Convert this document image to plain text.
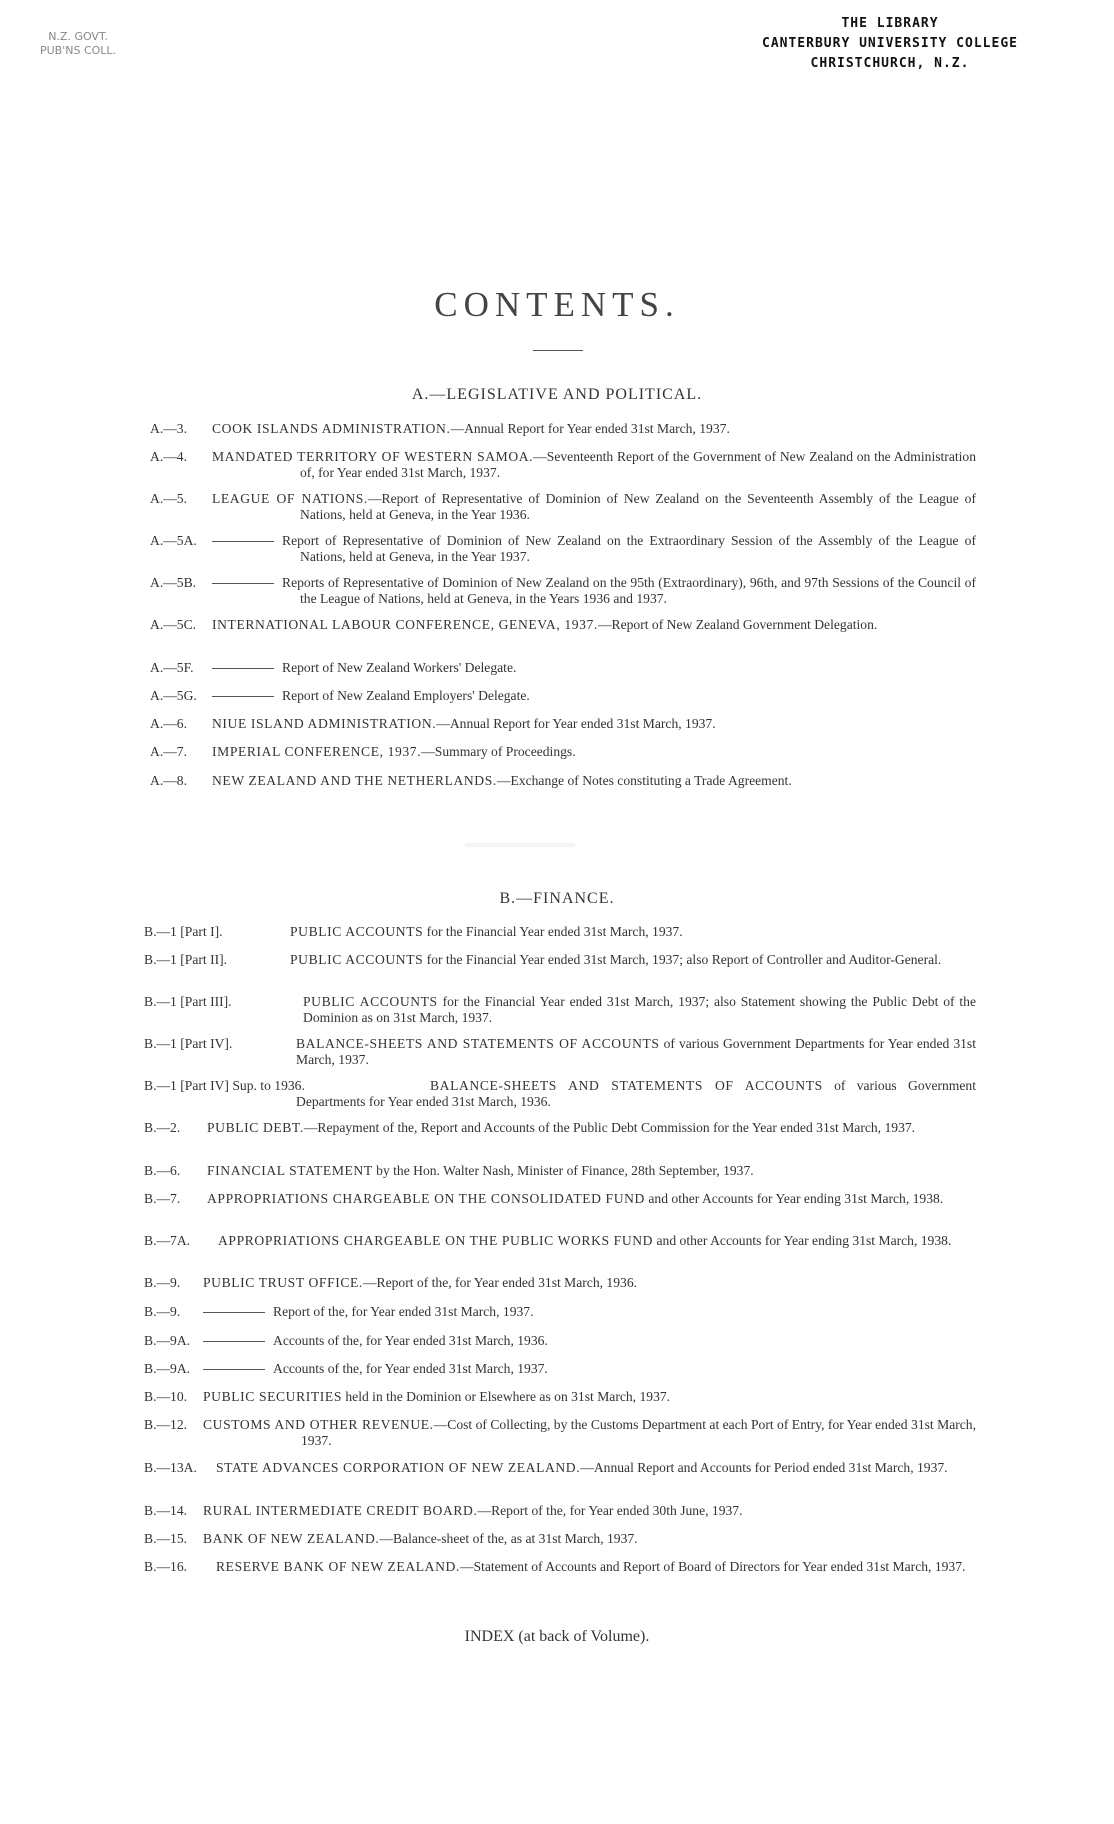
N.Z. GOVT.
PUB'NS COLL.
THE LIBRARY
CANTERBURY UNIVERSITY COLLEGE
CHRISTCHURCH, N.Z.
CONTENTS.
A.—LEGISLATIVE AND POLITICAL.
A.—3. COOK ISLANDS ADMINISTRATION.—Annual Report for Year ended 31st March, 1937.
A.—4. MANDATED TERRITORY OF WESTERN SAMOA.—Seventeenth Report of the Government of New Zealand on the Administration of, for Year ended 31st March, 1937.
A.—5. LEAGUE OF NATIONS.—Report of Representative of Dominion of New Zealand on the Seventeenth Assembly of the League of Nations, held at Geneva, in the Year 1936.
A.—5A.	Report of Representative of Dominion of New Zealand on the Extraordinary Session of the Assembly of the League of Nations, held at Geneva, in the Year 1937.
A.—5B.	Reports of Representative of Dominion of New Zealand on the 95th (Extraordinary), 96th, and 97th Sessions of the Council of the League of Nations, held at Geneva, in the Years 1936 and 1937.
A.—5C. INTERNATIONAL LABOUR CONFERENCE, GENEVA, 1937.—Report of New Zealand Government Delegation.
A.—5F.	Report of New Zealand Workers' Delegate.
A.—5G.	Report of New Zealand Employers' Delegate.
A.—6. NIUE ISLAND ADMINISTRATION.—Annual Report for Year ended 31st March, 1937.
A.—7. IMPERIAL CONFERENCE, 1937.—Summary of Proceedings.
A.—8. NEW ZEALAND AND THE NETHERLANDS.—Exchange of Notes constituting a Trade Agreement.
B.—FINANCE.
B.—1 [Part I].	PUBLIC ACCOUNTS for the Financial Year ended 31st March, 1937.
B.—1 [Part II].	PUBLIC ACCOUNTS for the Financial Year ended 31st March, 1937; also Report of Controller and Auditor-General.
B.—1 [Part III].	PUBLIC ACCOUNTS for the Financial Year ended 31st March, 1937; also Statement showing the Public Debt of the Dominion as on 31st March, 1937.
B.—1 [Part IV].	BALANCE-SHEETS AND STATEMENTS OF ACCOUNTS of various Government Departments for Year ended 31st March, 1937.
B.—1 [Part IV] Sup. to 1936.	BALANCE-SHEETS AND STATEMENTS OF ACCOUNTS of various Government Departments for Year ended 31st March, 1936.
B.—2. PUBLIC DEBT.—Repayment of the, Report and Accounts of the Public Debt Commission for the Year ended 31st March, 1937.
B.—6. FINANCIAL STATEMENT by the Hon. Walter Nash, Minister of Finance, 28th September, 1937.
B.—7. APPROPRIATIONS CHARGEABLE ON THE CONSOLIDATED FUND and other Accounts for Year ending 31st March, 1938.
B.—7A. APPROPRIATIONS CHARGEABLE ON THE PUBLIC WORKS FUND and other Accounts for Year ending 31st March, 1938.
B.—9. PUBLIC TRUST OFFICE.—Report of the, for Year ended 31st March, 1936.
B.—9.	Report of the, for Year ended 31st March, 1937.
B.—9A.	Accounts of the, for Year ended 31st March, 1936.
B.—9A.	Accounts of the, for Year ended 31st March, 1937.
B.—10. PUBLIC SECURITIES held in the Dominion or Elsewhere as on 31st March, 1937.
B.—12. CUSTOMS AND OTHER REVENUE.—Cost of Collecting, by the Customs Department at each Port of Entry, for Year ended 31st March, 1937.
B.—13A. STATE ADVANCES CORPORATION OF NEW ZEALAND.—Annual Report and Accounts for Period ended 31st March, 1937.
B.—14. RURAL INTERMEDIATE CREDIT BOARD.—Report of the, for Year ended 30th June, 1937.
B.—15. BANK OF NEW ZEALAND.—Balance-sheet of the, as at 31st March, 1937.
B.—16. RESERVE BANK OF NEW ZEALAND.—Statement of Accounts and Report of Board of Directors for Year ended 31st March, 1937.
INDEX (at back of Volume).
